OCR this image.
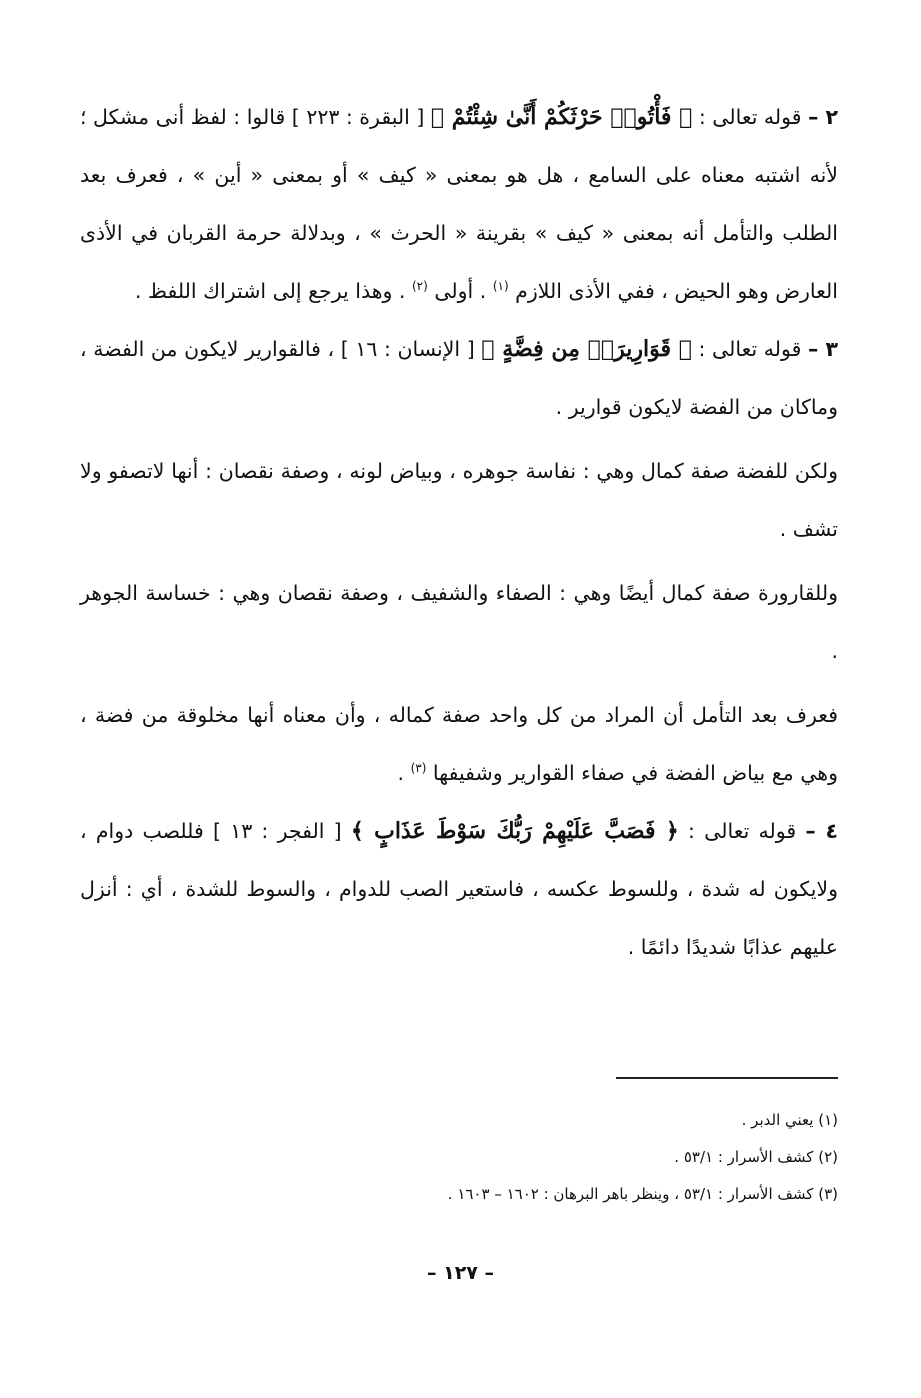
٢ – قوله تعالى : ﴿ فَأْتُوا۟ حَرْثَكُمْ أَنَّىٰ شِئْتُمْ ﴾ [ البقرة : ٢٢٣ ] قالوا : لفظ أنى مشكل ؛ لأنه اشتبه معناه على السامع ، هل هو بمعنى « كيف » أو بمعنى « أين » ، فعرف بعد الطلب والتأمل أنه بمعنى « كيف » بقرينة « الحرث » ، وبدلالة حرمة القربان في الأذى العارض وهو الحيض ، ففي الأذى اللازم $^{(١)}$ . أولى $^{(٢)}$ . وهذا يرجع إلى اشتراك اللفظ .

٣ – قوله تعالى : ﴿ قَوَارِيرَا۟ مِن فِضَّةٍ ﴾ [ الإنسان : ١٦ ] ، فالقوارير لايكون من الفضة ، وماكان من الفضة لايكون قوارير .

ولكن للفضة صفة كمال وهي : نفاسة جوهره ، وبياض لونه ، وصفة نقصان : أنها لاتصفو ولا تشف .

وللقارورة صفة كمال أيضًا وهي : الصفاء والشفيف ، وصفة نقصان وهي : خساسة الجوهر .

فعرف بعد التأمل أن المراد من كل واحد صفة كماله ، وأن معناه أنها مخلوقة من فضة ، وهي مع بياض الفضة في صفاء القوارير وشفيفها $^{(٣)}$ .

٤ – قوله تعالى : ﴿ فَصَبَّ عَلَيْهِمْ رَبُّكَ سَوْطَ عَذَابٍ ﴾ [ الفجر : ١٣ ] فللصب دوام ، ولايكون له شدة ، وللسوط عكسه ، فاستعير الصب للدوام ، والسوط للشدة ، أي : أنزل عليهم عذابًا شديدًا دائمًا .

(١) يعني الدبر .

(٢) كشف الأسرار : ٥٣/١ .

(٣) كشف الأسرار : ٥٣/١ ، وينظر باهر البرهان : ١٦٠٢ – ١٦٠٣ .

– ١٢٧ –
